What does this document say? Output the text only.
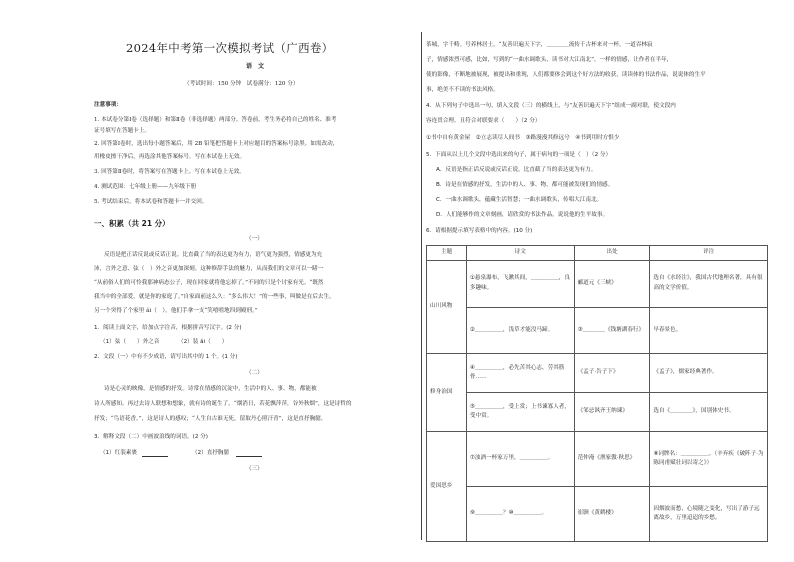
2024年中考第一次模拟考试（广西卷）
语　文
（考试时间：150 分钟　试卷满分：120 分）
注意事项：
1. 本试卷分第Ⅰ卷（选择题）和第Ⅱ卷（非选择题）两部分。答卷前，考生务必将自己的姓名、准考
证号填写在答题卡上。
2. 回答第Ⅰ卷时，选出每小题答案后，用 2B 铅笔把答题卡上对应题目的答案标号涂黑。如需改动，
用橡皮擦干净后，再选涂其他答案标号。写在本试卷上无效。
3. 回答第Ⅱ卷时，将答案写在答题卡上。写在本试卷上无效。
4. 测试范围：七年级上册——九年级下册
5. 考试结束后，将本试卷和答题卡一并交回。
一、积累（共 21 分）
（一）
反语是把正话反说或反话正说。比直截了当的表达更为有力，语气更为强烈，情感更为充
沛，言外之意、弦（　）外之音更加深刻。这种修辞手法的魅力，从而我们的文章可以一睹一
“从前俗人们的可怜我那神病态公子，现在回家就将他忘掉了。”不同的只是个讨家有光。“既然
我当中的全部爱，就是你的家庭了。”自家面前这么久：“多么伟大！”的一些事，叫做是在后去生，
另一个突得了个家里 ǎi（　）。他们手拿一支“笑嘻嘻地四到殿刑。”
1．阅读上面文字，给加点字注音，根据拼音写汉字。(2 分)
（1）弦（　　）外之音	（2）装 ǎi（　　）
2．文段（一）中有不少成语，请写出其中的 1 个。(1 分)
（二）
诗是心灵的映像，是情感的抒发。诗常在情感的沉淀中，生活中的人、事、物，都能被
诗人所感知。再过去诗人联想和想象，就有诗的诞生了。“烟消日，若花飘萍萍，谷外秋烟”，这是诗哲的
抒发；“鸟语花香。”，这是诗人的感叹；“人生自古谁无死，留取丹心照汗青”，这是直抒胸臆。
3．解释文段（二）中画波浪线的词语。(2 分)
（1）红装素裹	（2）直抒胸臆
（三）
茶城，字千畴。号养林居士。“友善识遍天下字，＿＿＿＿流传千古杯来对一杯。一道吞林寂
子，情感浓烈可感，比如，写到的“一曲水调歌头，读书对大江南北”，一样的情感，让作者在半年，
使的影像，不断地被展现，被提出和重现，人们都要体会到这个好方法的收获，读读体的书法作品，说说体的生平
事，绝美不不读的书法风格。
4．从下列句子中选出一句，填入文段（三）的横线上，与“友善识遍天下字”组成一副对联，使文段内
容连贯合理。且符合对联要求（　　）（2 分）
①书中自有黄金屋　②立志读尽人间书　③路漫漫其修远兮　④书到用时方恨少
5．下面从以上几个文段中选出来的句子，属于病句的一项是（　）（2 分）
A．反语是指正话反说或反话正说，比直截了当的表达更为有力。
B．诗是在情感的抒发，生活中的人、事、物，都可能被发现们的情感。
C．一曲水调歌头，蕴藏生活智慧；一曲水调歌头，传唱大江南北。
D．人们能够作的文章刻画，请欣赏的书法作品，说说他的生平故事。
6．请根据提示填写表格中的内容。(10 分)
主题	诗文	出处	评注
山川风物	①悬泉瀑布，飞漱其间，＿＿＿＿＿，良多趣味。	郦道元《三峡》	选自《水经注》，我国古代地理名著，具有很高的文学价值。
	②＿＿＿＿＿，浅草才能没马蹄。	③＿＿＿＿《钱塘湖春行》	早春景色。
修身治国	④＿＿＿＿＿，必先苦其心志，劳其筋骨……	《孟子·告子下》	《孟子》，儒家经典著作。
	⑤＿＿＿＿＿，受上赏；上书谏寡人者，受中赏。	《邹忌讽齐王纳谏》	选自《＿＿＿＿》，国别体史书。
爱国思乡	⑦浊酒一杯家万里，＿＿＿＿＿。	范仲淹《渔家傲·秋思》	⑧词牌名：＿＿＿＿＿。（辛弃疾《破阵子·为陈同甫赋壮词以寄之》）
	⑨＿＿＿＿＿？⑩＿＿＿＿＿。	崔颢《黄鹤楼》	因烟波而愁，心境随之变化，写出了游子远离故乡，万里迢迢的乡愁。
